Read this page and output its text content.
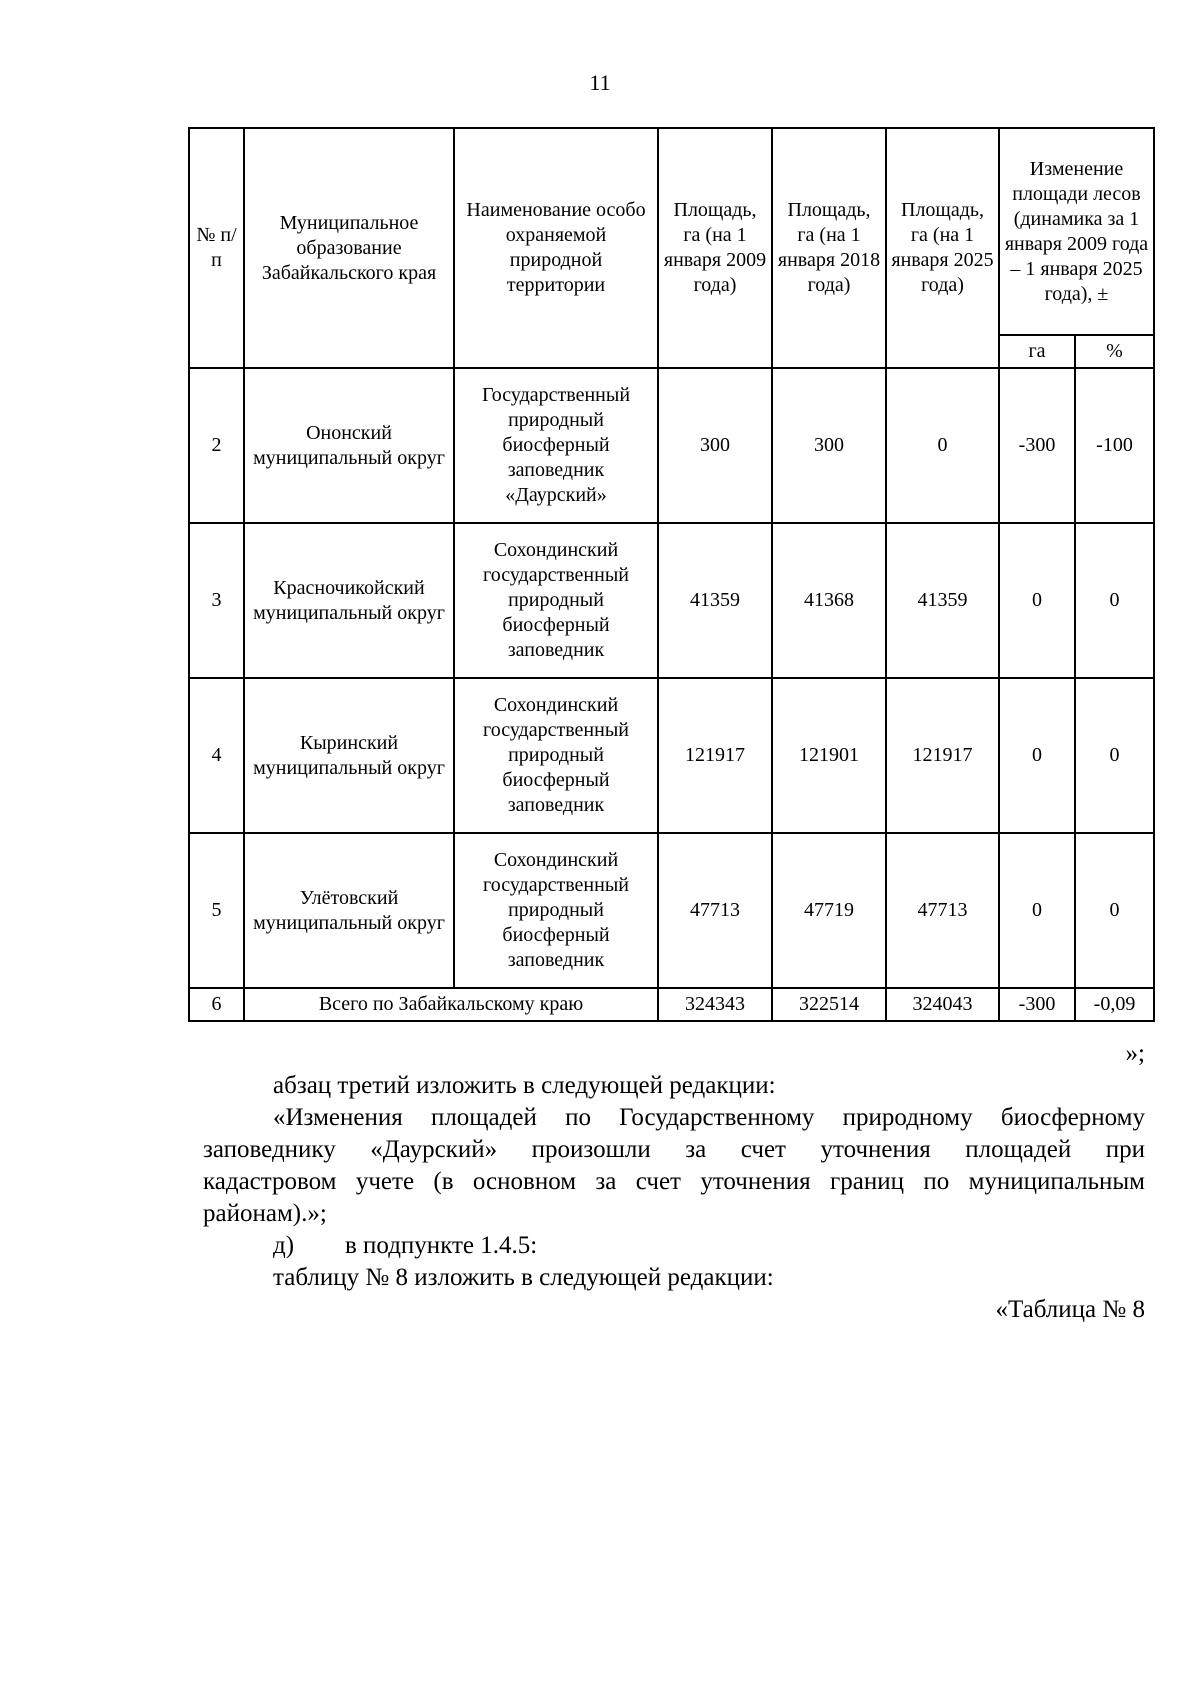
11
№ п/п	Муниципальное образование Забайкальского края	Наименование особо охраняемой природной территории	Площадь, га (на 1 января 2009 года)	Площадь, га (на 1 января 2018 года)	Площадь, га (на 1 января 2025 года)	Изменение площади лесов (динамика за 1 января 2009 года – 1 января 2025 года), ±	
						га	%
2	Ононский муниципальный округ	Государственный природный биосферный заповедник «Даурский»	300	300	0	-300	-100
3	Красночикойский муниципальный округ	Сохондинский государственный природный биосферный заповедник	41359	41368	41359	0	0
4	Кыринский муниципальный округ	Сохондинский государственный природный биосферный заповедник	121917	121901	121917	0	0
5	Улётовский муниципальный округ	Сохондинский государственный природный биосферный заповедник	47713	47719	47713	0	0
6	Всего по Забайкальскому краю		324343	322514	324043	-300	-0,09
»;
абзац третий изложить в следующей редакции:
«Изменения площадей по Государственному природному биосферному
заповеднику «Даурский» произошли за счет уточнения площадей при
кадастровом учете (в основном за счет уточнения границ по муниципальным
районам).»;
д) в подпункте 1.4.5:
таблицу № 8 изложить в следующей редакции:
«Таблица № 8
